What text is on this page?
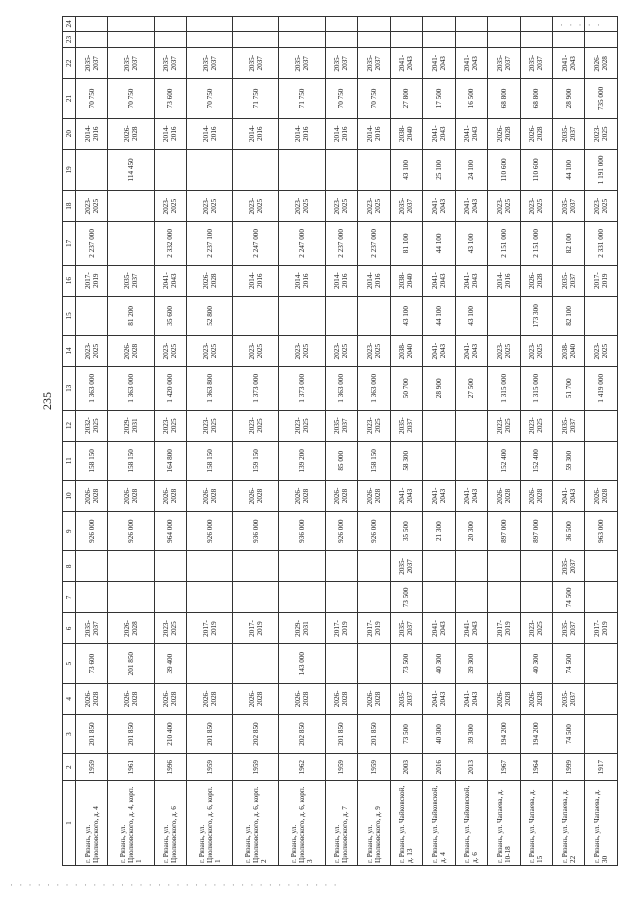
235
· · · · · · · · · · · · · · · · · · · · · · · · · · · · · · · · · · · ·
· · · · ·
1	2	3	4	5	6	7	8	9	10	11	12	13	14	15	16	17	18	19	20	21	22	23	24
г. Рязань, ул. Циолковского, д. 4	1959	201 850	2026-2028	73 600	2035-2037			926 000	2026-2028	158 150	2032-2025	1 363 000	2023-2025		2017-2019	2 237 000	2023-2025		2014-2016	70 750	2035-2037		
г. Рязань, ул. Циолковского, д. 4, корп. 1	1961	201 850	2026-2028	201 850	2026-2028			926 000	2026-2028	158 150	2029-2031	1 363 000	2026-2028	81 200	2035-2037			114 450	2026-2028	70 750	2035-2037		
г. Рязань, ул. Циолковского, д. 6	1996	210 400	2026-2028	39 400	2023-2025			964 000	2026-2028	164 800	2023-2025	1 420 000	2023-2025	35 600	2041-2043	2 332 000	2023-2025		2014-2016	73 600	2035-2037		
г. Рязань, ул. Циолковского, д. 6, корп. 1	1959	201 850	2026-2028		2017-2019			926 000	2026-2028	158 150	2023-2025	1 363 800	2023-2025	52 800	2026-2028	2 237 100	2023-2025		2014-2016	70 750	2035-2037		
г. Рязань, ул. Циолковского, д. 6, корп. 2	1959	202 850	2026-2028		2017-2019			936 000	2026-2028	159 150	2023-2025	1 373 000	2023-2025		2014-2016	2 247 000	2023-2025		2014-2016	71 750	2035-2037		
г. Рязань, ул. Циолковского, д. 6, корп. 3	1962	202 850	2026-2028	143 000	2029-2031			936 000	2026-2028	139 200	2023-2025	1 373 000	2023-2025		2014-2016	2 247 000	2023-2025		2014-2016	71 750	2035-2037		
г. Рязань, ул. Циолковского, д. 7	1959	201 850	2026-2028		2017-2019			926 000	2026-2028	85 000	2035-2037	1 363 000	2023-2025		2014-2016	2 237 000	2023-2025		2014-2016	70 750	2035-2037		
г. Рязань, ул. Циолковского, д. 9	1959	201 850	2026-2028		2017-2019			926 000	2026-2028	158 150	2023-2025	1 363 000	2023-2025		2014-2016	2 237 000	2023-2025		2014-2016	70 750	2035-2037		
г. Рязань, ул. Чайковской, д. 13	2003	73 500	2035-2037	73 500	2035-2037	73 500	2035-2037	35 500	2041-2043	58 300	2035-2037	50 700	2038-2040	43 100	2038-2040	81 100	2035-2037	43 100	2038-2040	27 800	2041-2043		
г. Рязань, ул. Чайковской, д. 4	2016	40 300	2041-2043	40 300	2041-2043			21 300	2041-2043			28 900	2041-2043	44 100	2041-2043	44 100	2041-2043	25 100	2041-2043	17 500	2041-2043		
г. Рязань, ул. Чайковской, д. 6	2013	39 300	2041-2043	39 300	2041-2043			20 300	2041-2043			27 500	2041-2043	43 100	2041-2043	43 100	2041-2043	24 100	2041-2043	16 500	2041-2043		
г. Рязань, ул. Чапаева, д. 10-18	1967	194 200	2026-2028		2017-2019			897 000	2026-2028	152 400	2023-2025	1 315 000	2023-2025		2014-2016	2 151 000	2023-2025	110 600	2026-2028	68 800	2035-2037		
г. Рязань, ул. Чапаева, д. 15	1964	194 200	2026-2028	40 300	2023-2025			897 000	2026-2028	152 400	2023-2025	1 315 000	2023-2025	173 300	2026-2028	2 151 000	2023-2025	110 600	2026-2028	68 800	2035-2037		
г. Рязань, ул. Чапаева, д. 22	1999	74 500	2035-2037	74 500	2035-2037	74 500	2035-2037	36 500	2041-2043	59 300	2035-2037	51 700	2038-2040	82 100	2035-2037	82 100	2035-2037	44 100	2035-2037	28 900	2041-2043		
г. Рязань, ул. Чапаева, д. 30	1917				2017-2019			963 000	2026-2028			1 419 000	2023-2025		2017-2019	2 331 000	2023-2025	1 191 000	2023-2025	735 000	2026-2028		
